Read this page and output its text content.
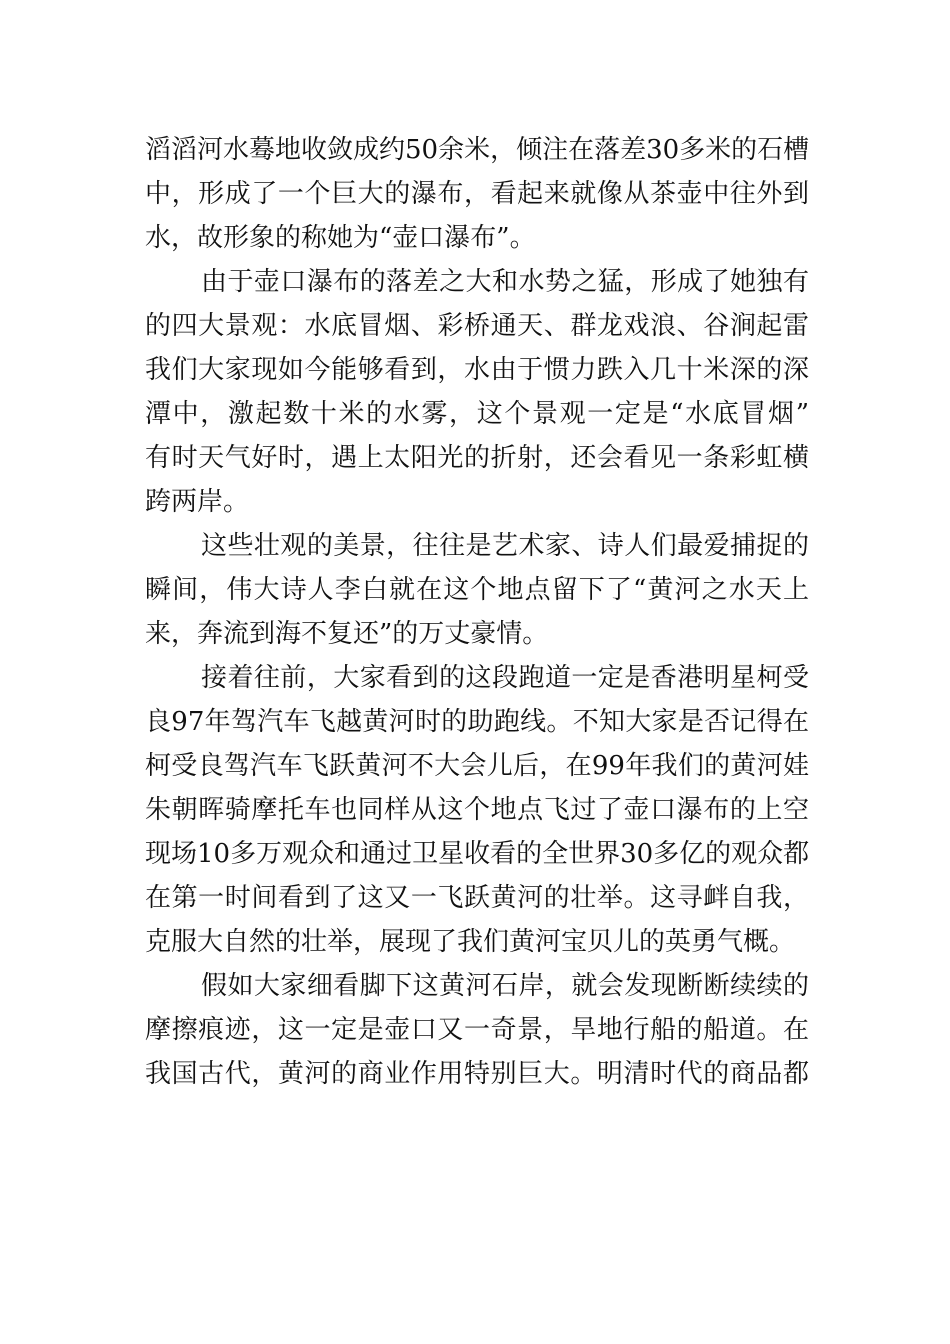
滔滔河水蓦地收敛成约50余米，倾注在落差30多米的石槽
中，形成了一个巨大的瀑布，看起来就像从茶壶中往外到
水，故形象的称她为“壶口瀑布”。

由于壶口瀑布的落差之大和水势之猛，形成了她独有
的四大景观：水底冒烟、彩桥通天、群龙戏浪、谷涧起雷
我们大家现如今能够看到，水由于惯力跌入几十米深的深
潭中，激起数十米的水雾，这个景观一定是“水底冒烟”
有时天气好时，遇上太阳光的折射，还会看见一条彩虹横
跨两岸。

这些壮观的美景，往往是艺术家、诗人们最爱捕捉的
瞬间，伟大诗人李白就在这个地点留下了“黄河之水天上
来，奔流到海不复还”的万丈豪情。

接着往前，大家看到的这段跑道一定是香港明星柯受
良97年驾汽车飞越黄河时的助跑线。不知大家是否记得在
柯受良驾汽车飞跃黄河不大会儿后，在99年我们的黄河娃
朱朝晖骑摩托车也同样从这个地点飞过了壶口瀑布的上空
现场10多万观众和通过卫星收看的全世界30多亿的观众都
在第一时间看到了这又一飞跃黄河的壮举。这寻衅自我，
克服大自然的壮举，展现了我们黄河宝贝儿的英勇气概。

假如大家细看脚下这黄河石岸，就会发现断断续续的
摩擦痕迹，这一定是壶口又一奇景，旱地行船的船道。在
我国古代，黄河的商业作用特别巨大。明清时代的商品都
